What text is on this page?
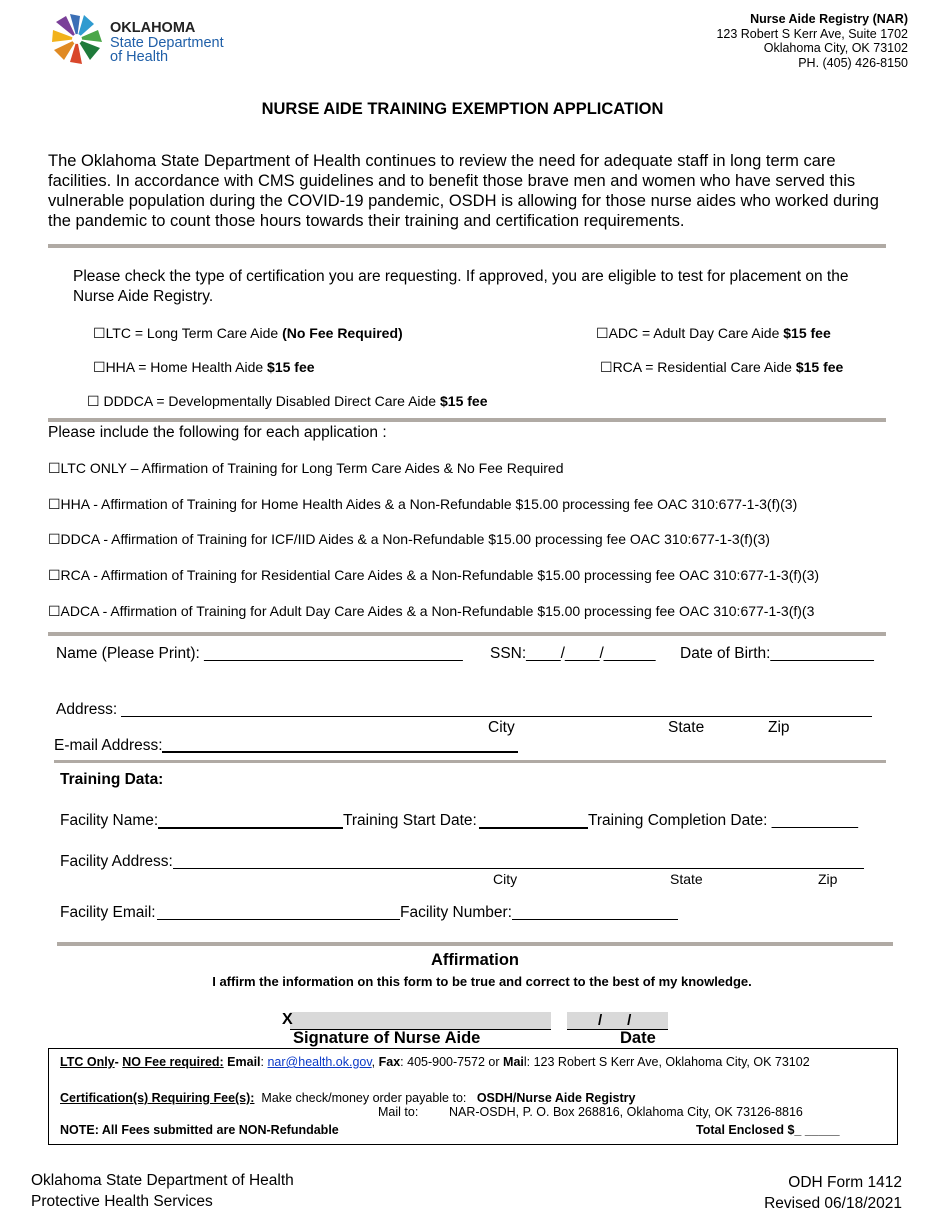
OKLAHOMA
State Department
of Health
Nurse Aide Registry (NAR)
123 Robert S Kerr Ave, Suite 1702
Oklahoma City, OK 73102
PH. (405) 426-8150
NURSE AIDE TRAINING EXEMPTION APPLICATION
The Oklahoma State Department of Health continues to review the need for adequate staff in long term care
facilities. In accordance with CMS guidelines and to benefit those brave men and women who have served this
vulnerable population during the COVID-19 pandemic, OSDH is allowing for those nurse aides who worked during
the pandemic to count those hours towards their training and certification requirements.
Please check the type of certification you are requesting. If approved, you are eligible to test for placement on the
Nurse Aide Registry.
☐LTC = Long Term Care Aide (No Fee Required)	☐ADC = Adult Day Care Aide $15 fee
☐HHA = Home Health Aide $15 fee	☐RCA = Residential Care Aide $15 fee
☐ DDDCA = Developmentally Disabled Direct Care Aide $15 fee
Please include the following for each application :
☐LTC ONLY – Affirmation of Training for Long Term Care Aides & No Fee Required
☐HHA - Affirmation of Training for Home Health Aides & a Non-Refundable $15.00 processing fee OAC 310:677-1-3(f)(3)
☐DDCA - Affirmation of Training for ICF/IID Aides & a Non-Refundable $15.00 processing fee OAC 310:677-1-3(f)(3)
☐RCA - Affirmation of Training for Residential Care Aides & a Non-Refundable $15.00 processing fee OAC 310:677-1-3(f)(3)
☐ADCA - Affirmation of Training for Adult Day Care Aides & a Non-Refundable $15.00 processing fee OAC 310:677-1-3(f)(3
Name (Please Print): ______________________________ SSN:____/____/______ Date of Birth:____________
Address:
City	State	Zip
E-mail Address:
Training Data:
Facility Name:	Training Start Date:	Training Completion Date: __________
Facility Address:
City	State	Zip
Facility Email:	Facility Number:
Affirmation
I affirm the information on this form to be true and correct to the best of my knowledge.
X	/      /
Signature of Nurse Aide	Date
LTC Only- NO Fee required: Email: nar@health.ok.gov, Fax: 405-900-7572 or Mail: 123 Robert S Kerr Ave, Oklahoma City, OK 73102
Certification(s) Requiring Fee(s):  Make check/money order payable to:   OSDH/Nurse Aide Registry
Mail to: NAR-OSDH, P. O. Box 268816, Oklahoma City, OK 73126-8816
NOTE: All Fees submitted are NON-Refundable	Total Enclosed $_ _____
Oklahoma State Department of Health
Protective Health Services
ODH Form 1412
Revised 06/18/2021
